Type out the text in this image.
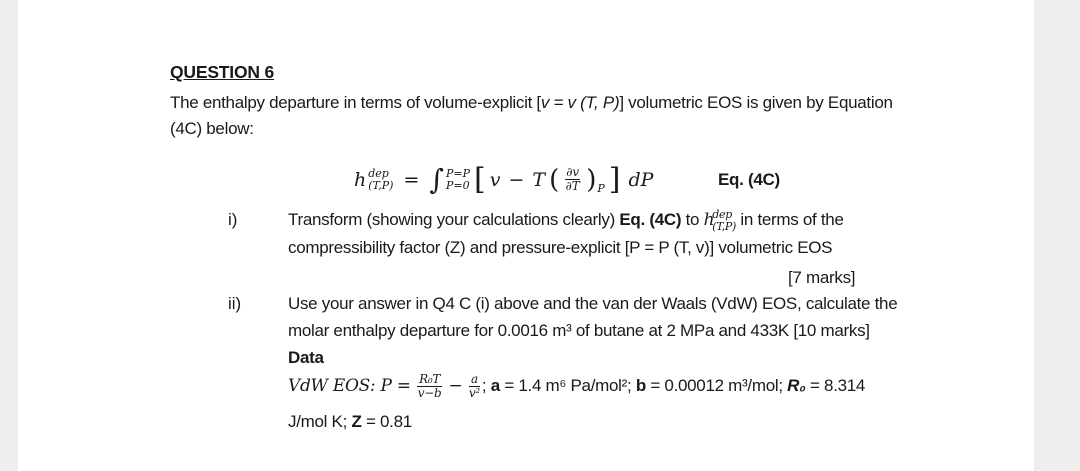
QUESTION 6
The enthalpy departure in terms of volume-explicit [v = v (T, P)] volumetric EOS is given by Equation
(4C) below:
h dep
(T,P) = ∫ P=P
P=0 [ v − T ( $\frac{\partial v}{\partial T}$ ) P ] dP	Eq. (4C)
i)	Transform (showing your calculations clearly) Eq. (4C) to h
dep
(T,P) in terms of the
compressibility factor (Z) and pressure-explicit [P = P (T, v)] volumetric EOS
[7 marks]
ii)	Use your answer in Q4 C (i) above and the van der Waals (VdW) EOS, calculate the
molar enthalpy departure for 0.0016 m³ of butane at 2 MPa and 433K [10 marks]
Data
VdW EOS: $P = \frac{\text{R₀T}}{v-b} - \frac{a}{\text{v²}}$ ; a = 1.4 m⁶ Pa/mol²; b = 0.00012 m³/mol; R₀ = 8.314
J/mol K; Z = 0.81
